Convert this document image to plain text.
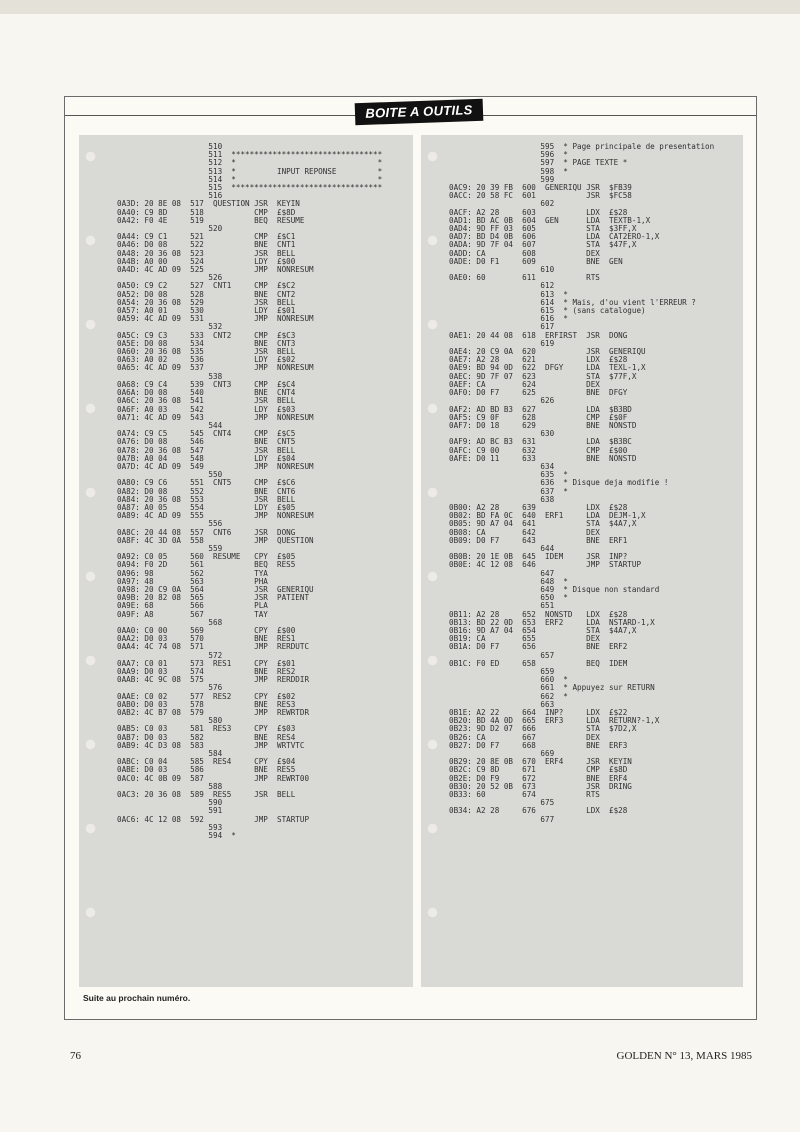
BOITE A OUTILS
510
511  *********************************
512  *                               *
513  *         INPUT REPONSE         *
514  *                               *
515  *********************************
516
0A3D: 20 8E 08  517  QUESTION JSR  KEYIN
0A40: C9 8D     518           CMP  £$8D
0A42: F0 4E     519           BEQ  RESUME
520
0A44: C9 C1     521           CMP  £$C1
0A46: D0 08     522           BNE  CNT1
0A48: 20 36 08  523           JSR  BELL
0A4B: A0 00     524           LDY  £$00
0A4D: 4C AD 09  525           JMP  NONRESUM
526
0A50: C9 C2     527  CNT1     CMP  £$C2
0A52: D0 08     528           BNE  CNT2
0A54: 20 36 08  529           JSR  BELL
0A57: A0 01     530           LDY  £$01
0A59: 4C AD 09  531           JMP  NONRESUM
532
0A5C: C9 C3     533  CNT2     CMP  £$C3
0A5E: D0 08     534           BNE  CNT3
0A60: 20 36 08  535           JSR  BELL
0A63: A0 02     536           LDY  £$02
0A65: 4C AD 09  537           JMP  NONRESUM
538
0A68: C9 C4     539  CNT3     CMP  £$C4
0A6A: D0 08     540           BNE  CNT4
0A6C: 20 36 08  541           JSR  BELL
0A6F: A0 03     542           LDY  £$03
0A71: 4C AD 09  543           JMP  NONRESUM
544
0A74: C9 C5     545  CNT4     CMP  £$C5
0A76: D0 08     546           BNE  CNT5
0A78: 20 36 08  547           JSR  BELL
0A7B: A0 04     548           LDY  £$04
0A7D: 4C AD 09  549           JMP  NONRESUM
550
0A80: C9 C6     551  CNT5     CMP  £$C6
0A82: D0 08     552           BNE  CNT6
0A84: 20 36 08  553           JSR  BELL
0A87: A0 05     554           LDY  £$05
0A89: 4C AD 09  555           JMP  NONRESUM
556
0A8C: 20 44 08  557  CNT6     JSR  DONG
0A8F: 4C 3D 0A  558           JMP  QUESTION
559
0A92: C0 05     560  RESUME   CPY  £$05
0A94: F0 2D     561           BEQ  RES5
0A96: 98        562           TYA
0A97: 48        563           PHA
0A98: 20 C9 0A  564           JSR  GENERIQU
0A9B: 20 82 08  565           JSR  PATIENT
0A9E: 68        566           PLA
0A9F: A8        567           TAY
568
0AA0: C0 00     569           CPY  £$00
0AA2: D0 03     570           BNE  RES1
0AA4: 4C 74 08  571           JMP  RERDUTC
572
0AA7: C0 01     573  RES1     CPY  £$01
0AA9: D0 03     574           BNE  RES2
0AAB: 4C 9C 08  575           JMP  RERDDIR
576
0AAE: C0 02     577  RES2     CPY  £$02
0AB0: D0 03     578           BNE  RES3
0AB2: 4C B7 08  579           JMP  REWRTDR
580
0AB5: C0 03     581  RES3     CPY  £$03
0AB7: D0 03     582           BNE  RES4
0AB9: 4C D3 08  583           JMP  WRTVTC
584
0ABC: C0 04     585  RES4     CPY  £$04
0ABE: D0 03     586           BNE  RES5
0AC0: 4C 0B 09  587           JMP  REWRT00
588
0AC3: 20 36 08  589  RES5     JSR  BELL
590
591
0AC6: 4C 12 08  592           JMP  STARTUP
593
594  *

595  * Page principale de presentation
596  *
597  * PAGE TEXTE *
598  *
599
0AC9: 20 39 FB  600  GENERIQU JSR  $FB39
0ACC: 20 58 FC  601           JSR  $FC58
602
0ACF: A2 28     603           LDX  £$28
0AD1: BD AC 0B  604  GEN      LDA  TEXTB-1,X
0AD4: 9D FF 03  605           STA  $3FF,X
0AD7: BD D4 0B  606           LDA  CAT2ERO-1,X
0ADA: 9D 7F 04  607           STA  $47F,X
0ADD: CA        608           DEX
0ADE: D0 F1     609           BNE  GEN
610
0AE0: 60        611           RTS
612
613  *
614  * Mais, d'ou vient l'ERREUR ?
615  * (sans catalogue)
616  *
617
0AE1: 20 44 08  618  ERFIRST  JSR  DONG
619
0AE4: 20 C9 0A  620           JSR  GENERIQU
0AE7: A2 28     621           LDX  £$28
0AE9: BD 94 0D  622  DFGY     LDA  TEXL-1,X
0AEC: 9D 7F 07  623           STA  $77F,X
0AEF: CA        624           DEX
0AF0: D0 F7     625           BNE  DFGY
626
0AF2: AD BD B3  627           LDA  $B3BD
0AF5: C9 0F     628           CMP  £$0F
0AF7: D0 18     629           BNE  NONSTD
630
0AF9: AD BC B3  631           LDA  $B3BC
0AFC: C9 00     632           CMP  £$00
0AFE: D0 11     633           BNE  NONSTD
634
635  *
636  * Disque deja modifie !
637  *
638
0B00: A2 28     639           LDX  £$28
0B02: BD FA 0C  640  ERF1     LDA  DEJM-1,X
0B05: 9D A7 04  641           STA  $4A7,X
0B08: CA        642           DEX
0B09: D0 F7     643           BNE  ERF1
644
0B0B: 20 1E 0B  645  IDEM     JSR  INP?
0B0E: 4C 12 08  646           JMP  STARTUP
647
648  *
649  * Disque non standard
650  *
651
0B11: A2 28     652  NONSTD   LDX  £$28
0B13: BD 22 0D  653  ERF2     LDA  NSTARD-1,X
0B16: 9D A7 04  654           STA  $4A7,X
0B19: CA        655           DEX
0B1A: D0 F7     656           BNE  ERF2
657
0B1C: F0 ED     658           BEQ  IDEM
659
660  *
661  * Appuyez sur RETURN
662  *
663
0B1E: A2 22     664  INP?     LDX  £$22
0B20: BD 4A 0D  665  ERF3     LDA  RETURN?-1,X
0B23: 9D D2 07  666           STA  $7D2,X
0B26: CA        667           DEX
0B27: D0 F7     668           BNE  ERF3
669
0B29: 20 8E 0B  670  ERF4     JSR  KEYIN
0B2C: C9 8D     671           CMP  £$8D
0B2E: D0 F9     672           BNE  ERF4
0B30: 20 52 0B  673           JSR  DRING
0B33: 60        674           RTS
675
0B34: A2 28     676           LDX  £$28
677

Suite au prochain numéro.
76	GOLDEN N° 13, MARS 1985
